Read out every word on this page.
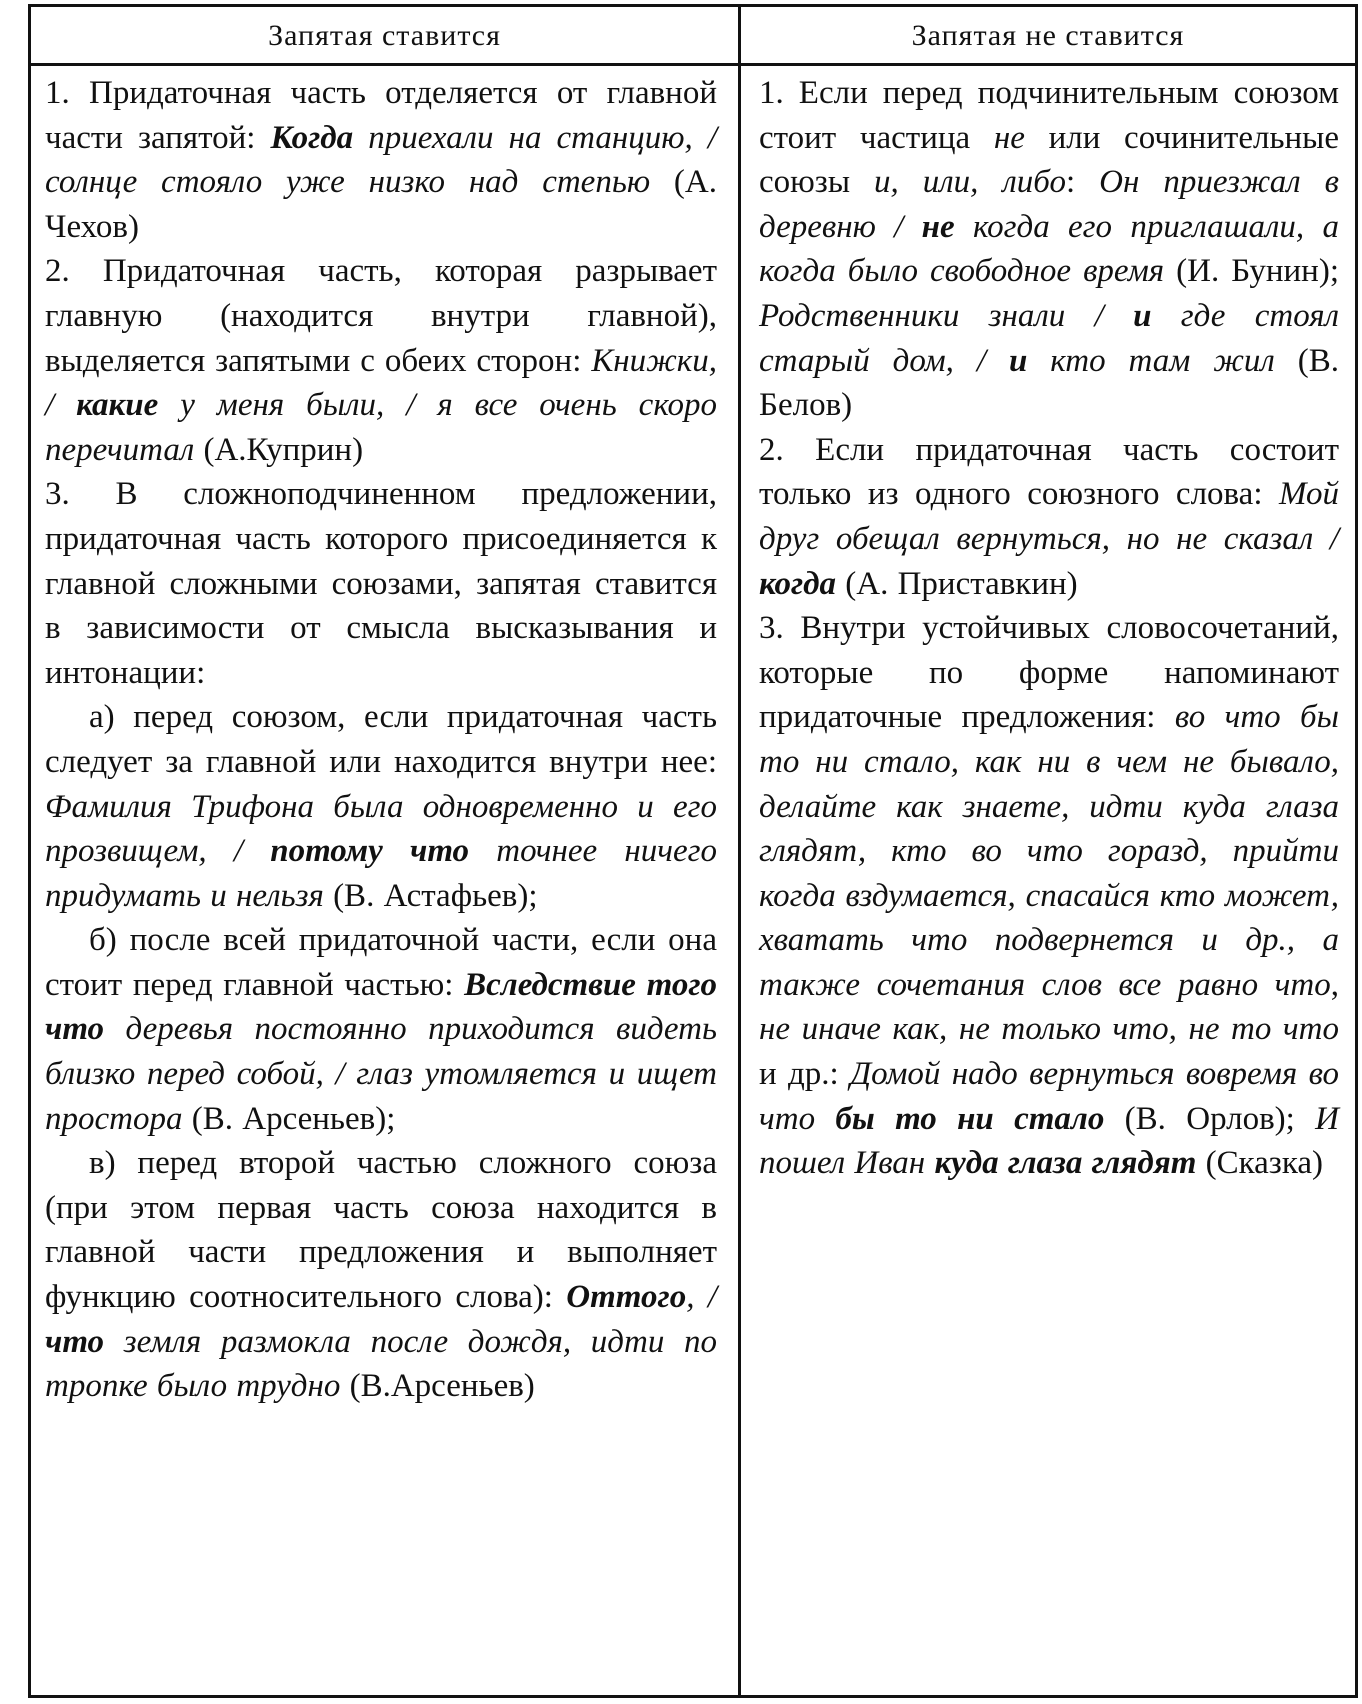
Запятая ставится	Запятая не ставится

1. Придаточная часть отделяется от главной части запятой: Когда приехали на станцию, / солнце стояло уже низко над степью (А. Чехов)

2. Придаточная часть, которая разрывает главную (находится внутри главной), выделяется запятыми с обеих сторон: Книжки, / какие у меня были, / я все очень скоро перечитал (А.Куприн)

3. В сложноподчиненном предложении, придаточная часть которого присоединяется к главной сложными союзами, запятая ставится в зависимости от смысла высказывания и интонации:

а) перед союзом, если придаточная часть следует за главной или находится внутри нее: Фамилия Трифона была одновременно и его прозвищем, / потому что точнее ничего придумать и нельзя (В. Астафьев);

б) после всей придаточной части, если она стоит перед главной частью: Вследствие того что деревья постоянно приходится видеть близко перед собой, / глаз утомляется и ищет простора (В. Арсеньев);

в) перед второй частью сложного союза (при этом первая часть союза находится в главной части предложения и выполняет функцию соотносительного слова): Оттого, / что земля размокла после дождя, идти по тропке было трудно (В.Арсеньев)

1. Если перед подчинительным союзом стоит частица не или сочинительные союзы и, или, либо: Он приезжал в деревню / не когда его приглашали, а когда было свободное время (И. Бунин); Родственники знали / и где стоял старый дом, / и кто там жил (В. Белов)

2. Если придаточная часть состоит только из одного союзного слова: Мой друг обещал вернуться, но не сказал / когда (А. Приставкин)

3. Внутри устойчивых словосочетаний, которые по форме напоминают придаточные предложения: во что бы то ни стало, как ни в чем не бывало, делайте как знаете, идти куда глаза глядят, кто во что горазд, прийти когда вздумается, спасайся кто может, хватать что подвернется и др., а также сочетания слов все равно что, не иначе как, не только что, не то что и др.: Домой надо вернуться вовремя во что бы то ни стало (В. Орлов); И пошел Иван куда глаза глядят (Сказка)
